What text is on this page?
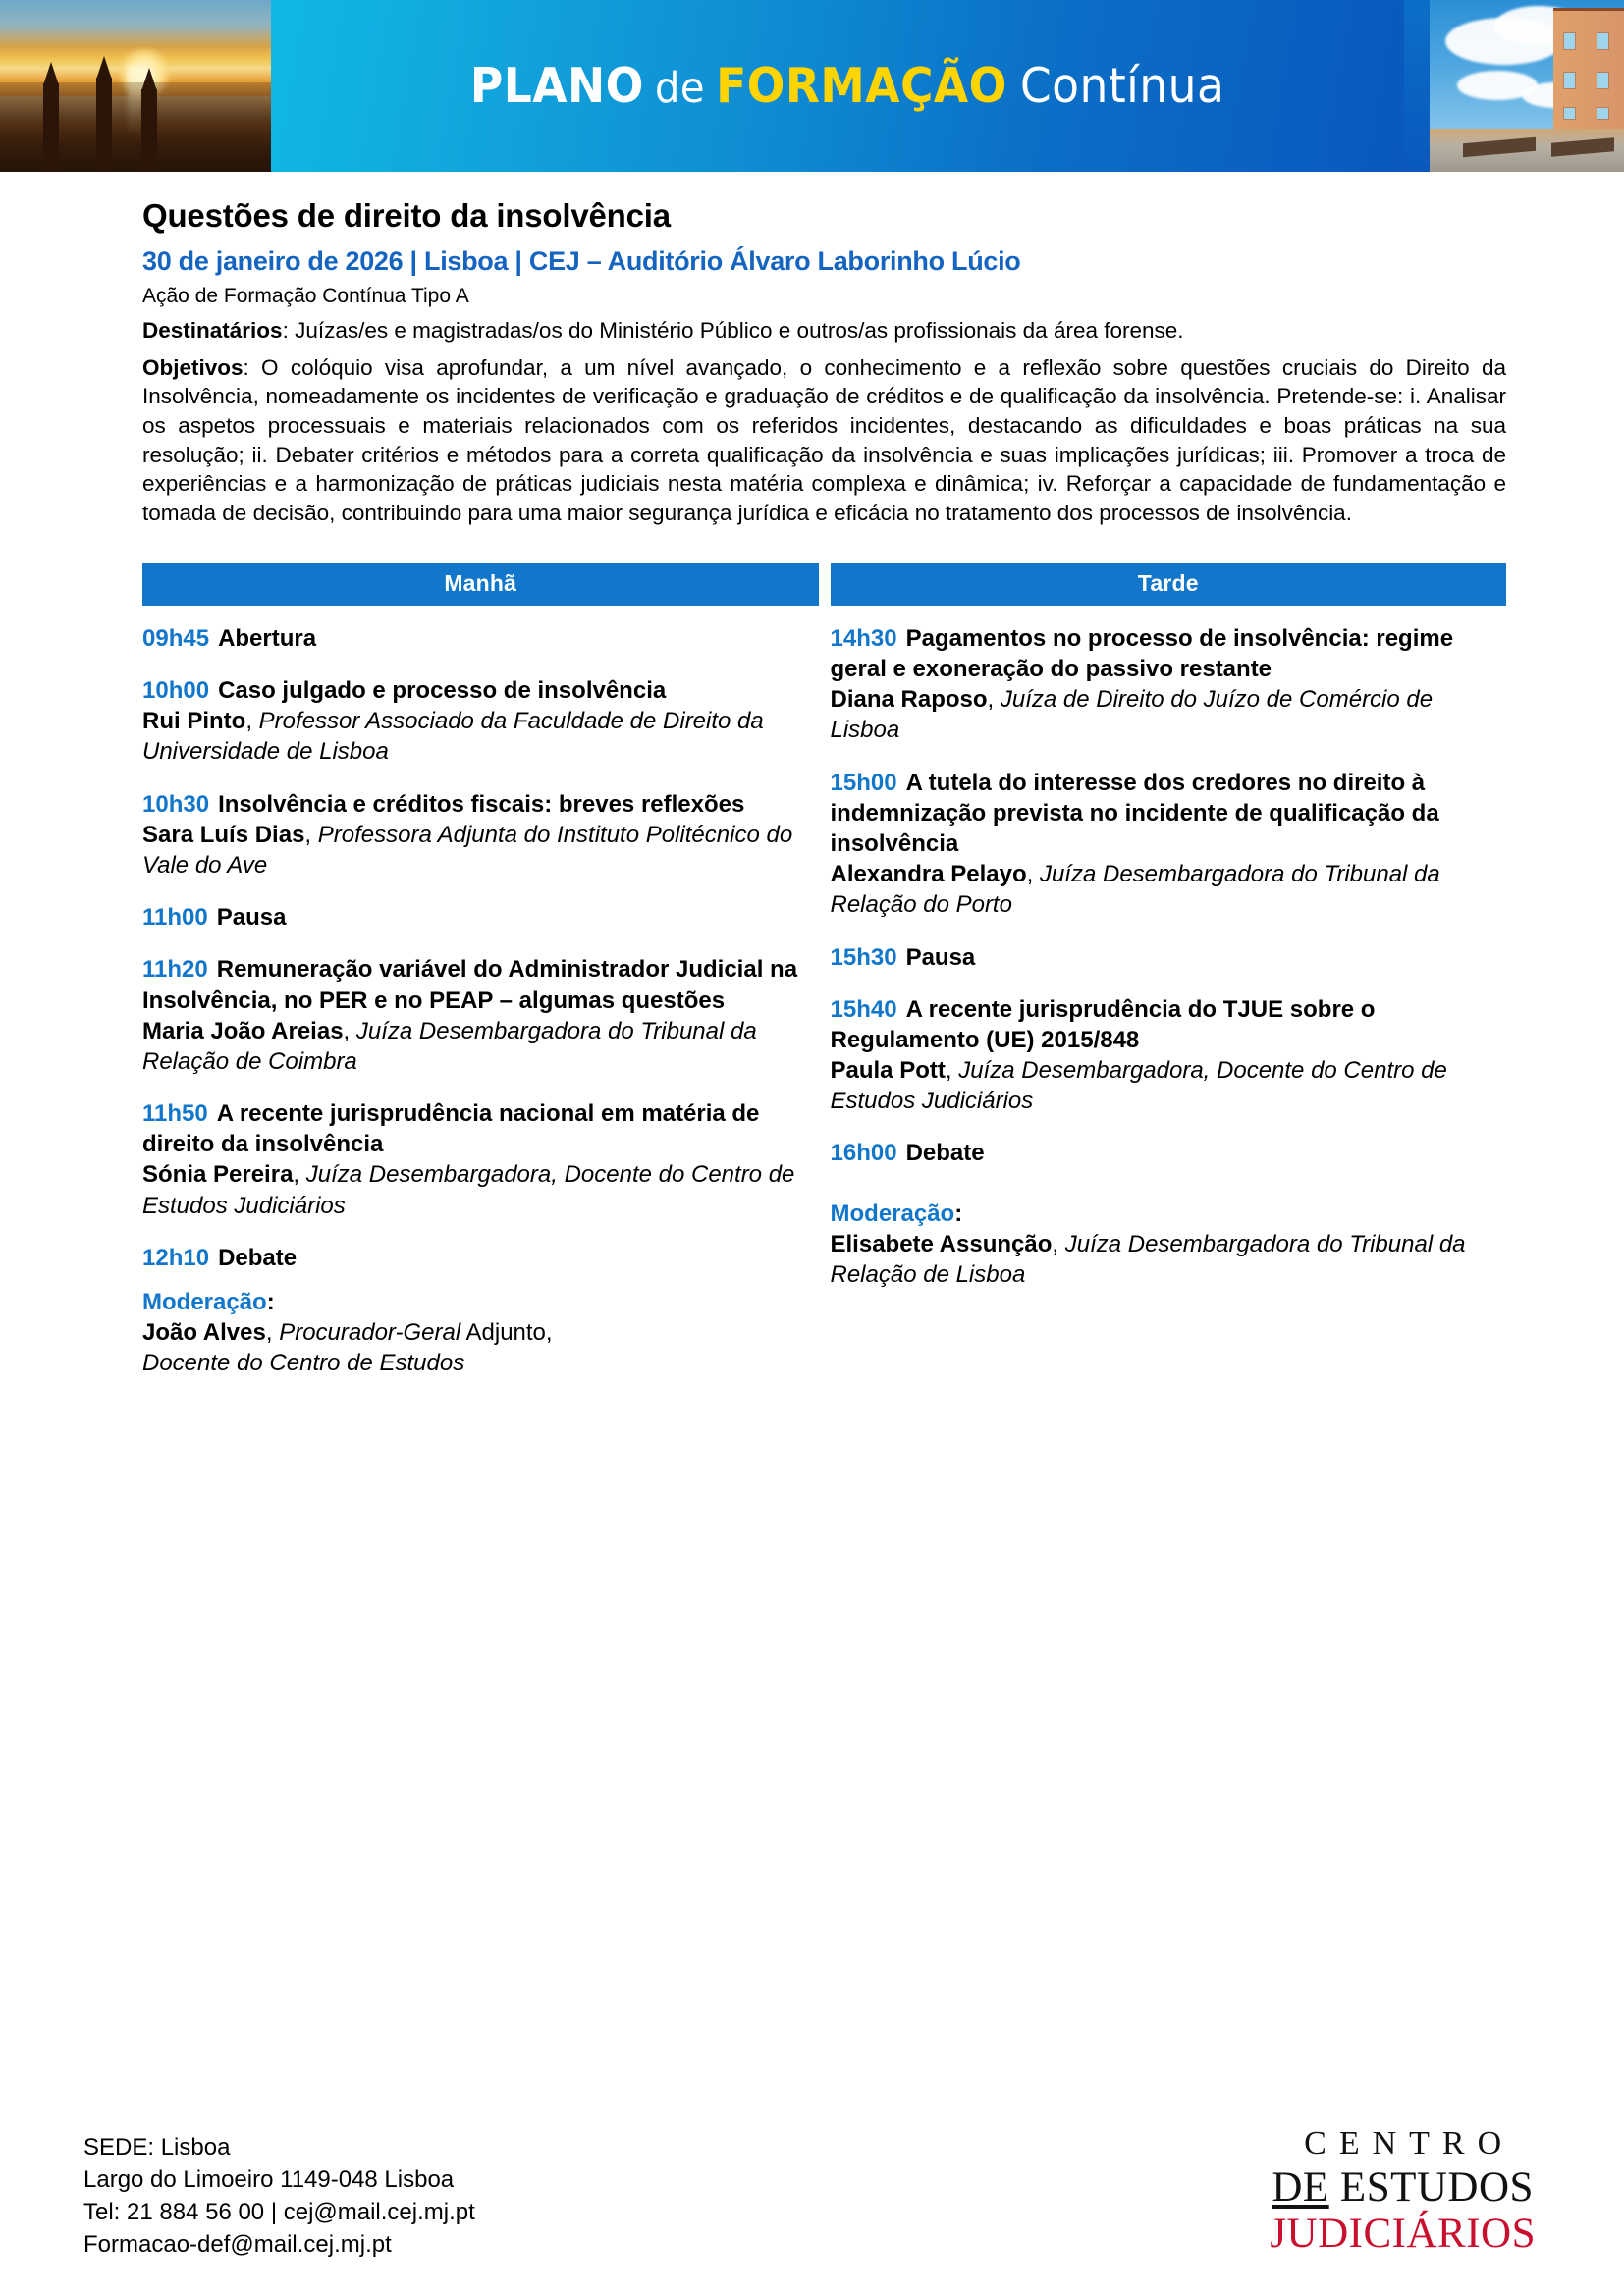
PLANO de FORMAÇÃO Contínua
Questões de direito da insolvência
30 de janeiro de 2026 | Lisboa | CEJ – Auditório Álvaro Laborinho Lúcio
Ação de Formação Contínua Tipo A
Destinatários: Juízas/es e magistradas/os do Ministério Público e outros/as profissionais da área forense.
Objetivos: O colóquio visa aprofundar, a um nível avançado, o conhecimento e a reflexão sobre questões cruciais do Direito da Insolvência, nomeadamente os incidentes de verificação e graduação de créditos e de qualificação da insolvência. Pretende-se: i. Analisar os aspetos processuais e materiais relacionados com os referidos incidentes, destacando as dificuldades e boas práticas na sua resolução; ii. Debater critérios e métodos para a correta qualificação da insolvência e suas implicações jurídicas; iii. Promover a troca de experiências e a harmonização de práticas judiciais nesta matéria complexa e dinâmica; iv. Reforçar a capacidade de fundamentação e tomada de decisão, contribuindo para uma maior segurança jurídica e eficácia no tratamento dos processos de insolvência.
Manhã
09h45 Abertura
10h00 Caso julgado e processo de insolvência
Rui Pinto, Professor Associado da Faculdade de Direito da Universidade de Lisboa
10h30 Insolvência e créditos fiscais: breves reflexões
Sara Luís Dias, Professora Adjunta do Instituto Politécnico do Vale do Ave
11h00 Pausa
11h20 Remuneração variável do Administrador Judicial na Insolvência, no PER e no PEAP – algumas questões
Maria João Areias, Juíza Desembargadora do Tribunal da Relação de Coimbra
11h50 A recente jurisprudência nacional em matéria de direito da insolvência
Sónia Pereira, Juíza Desembargadora, Docente do Centro de Estudos Judiciários
12h10 Debate
Moderação:
João Alves, Procurador-Geral Adjunto,
Docente do Centro de Estudos
Tarde
14h30 Pagamentos no processo de insolvência: regime geral e exoneração do passivo restante
Diana Raposo, Juíza de Direito do Juízo de Comércio de Lisboa
15h00 A tutela do interesse dos credores no direito à indemnização prevista no incidente de qualificação da insolvência
Alexandra Pelayo, Juíza Desembargadora do Tribunal da Relação do Porto
15h30 Pausa
15h40 A recente jurisprudência do TJUE sobre o Regulamento (UE) 2015/848
Paula Pott, Juíza Desembargadora, Docente do Centro de Estudos Judiciários
16h00 Debate
Moderação:
Elisabete Assunção, Juíza Desembargadora do Tribunal da Relação de Lisboa
SEDE: Lisboa
Largo do Limoeiro 1149-048 Lisboa
Tel: 21 884 56 00 | cej@mail.cej.mj.pt
Formacao-def@mail.cej.mj.pt
CENTRO
DE ESTUDOS
JUDICIÁRIOS
